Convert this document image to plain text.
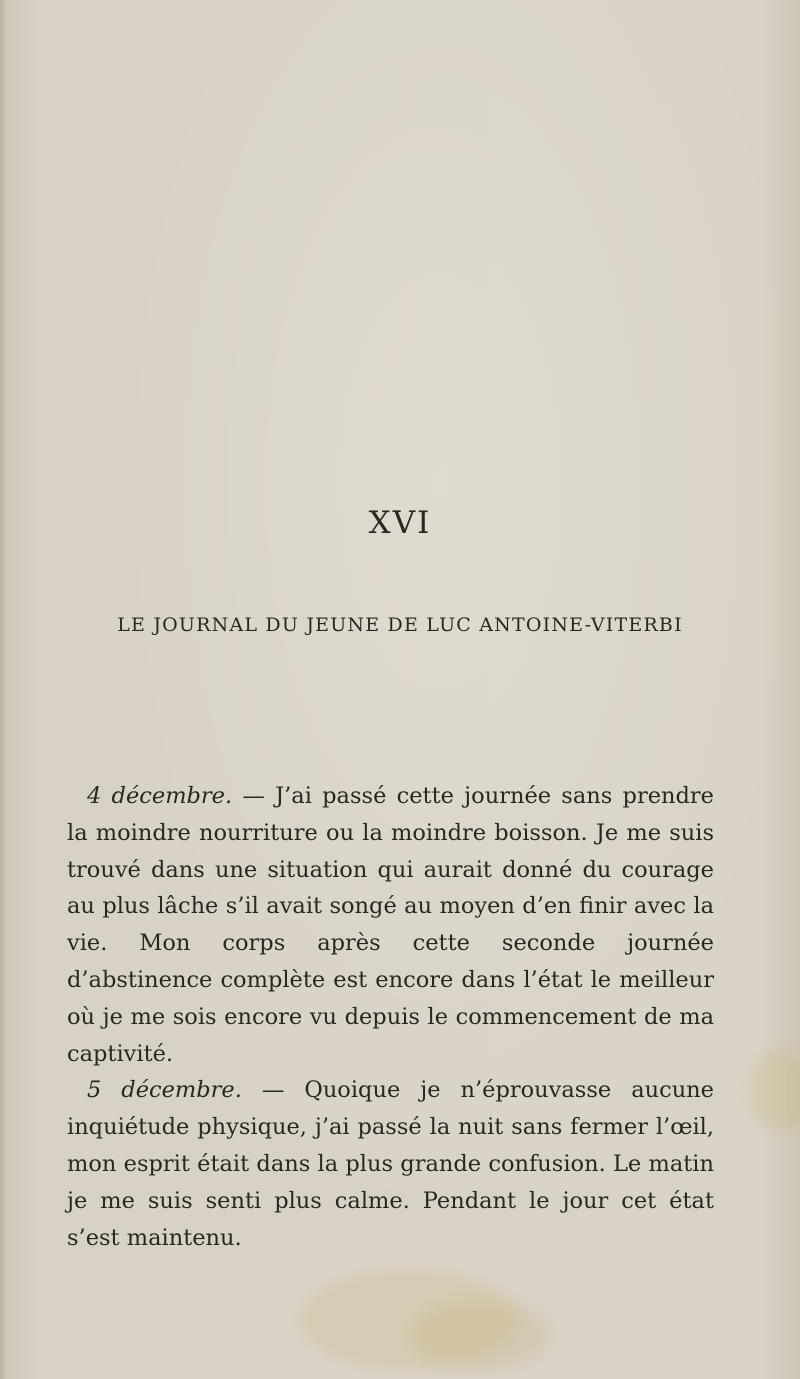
XVI
LE JOURNAL DU JEUNE DE LUC ANTOINE-VITERBI

4 décembre. — J’ai passé cette journée sans prendre la moindre nourriture ou la moindre boisson. Je me suis trouvé dans une situation qui aurait donné du courage au plus lâche s’il avait songé au moyen d’en finir avec la vie. Mon corps après cette seconde journée d’abstinence complète est encore dans l’état le meilleur où je me sois encore vu depuis le commencement de ma captivité.

5 décembre. — Quoique je n’éprouvasse aucune inquiétude physique, j’ai passé la nuit sans fermer l’œil, mon esprit était dans la plus grande confusion. Le matin je me suis senti plus calme. Pendant le jour cet état s’est maintenu.
